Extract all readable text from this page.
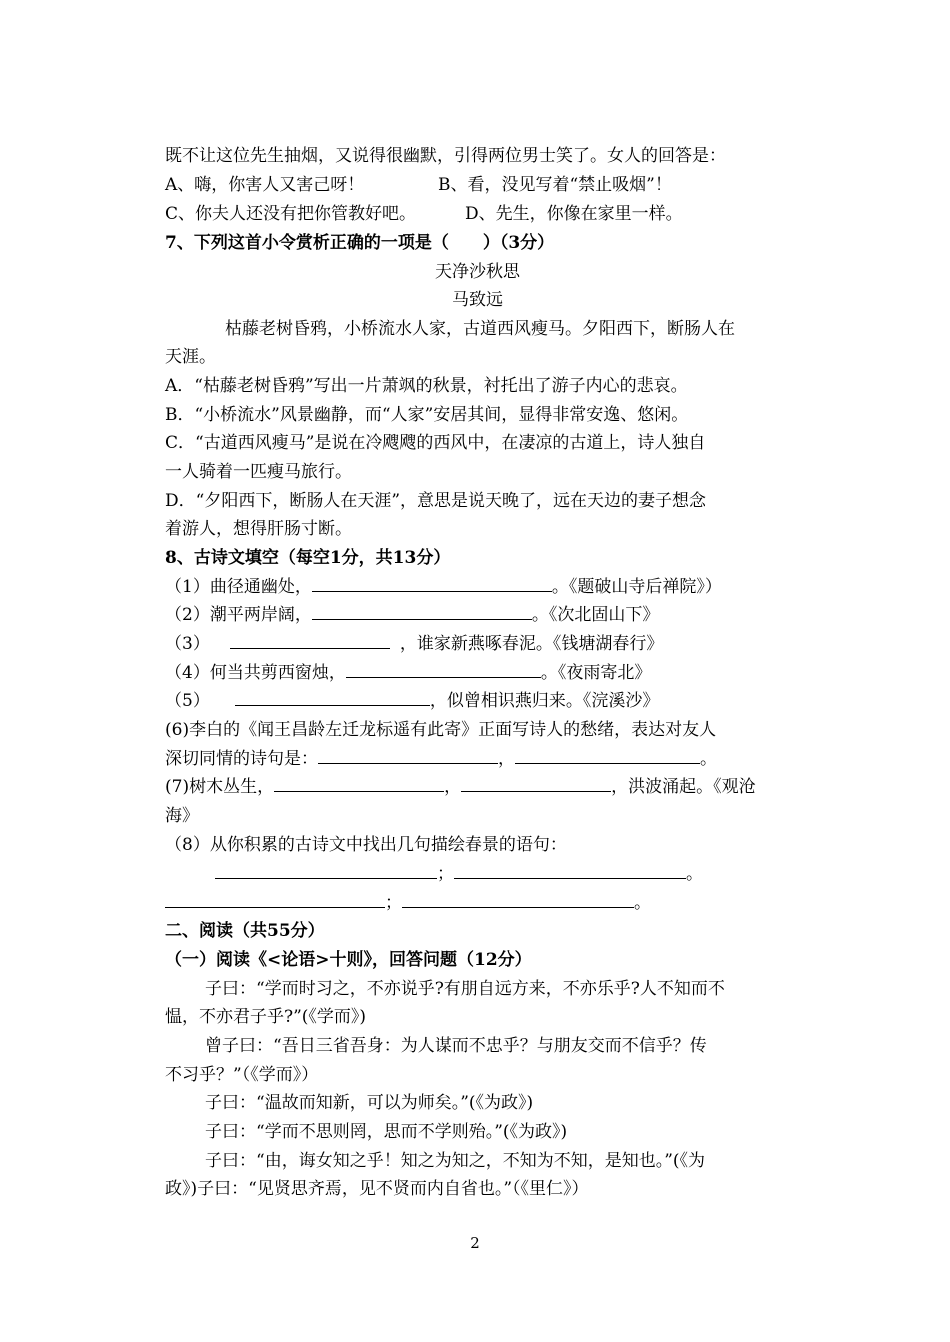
既不让这位先生抽烟，又说得很幽默，引得两位男士笑了。女人的回答是：
A、嗨，你害人又害己呀！	B、看，没见写着“禁止吸烟”！
C、你夫人还没有把你管教好吧。	D、先生，你像在家里一样。
7、下列这首小令赏析正确的一项是（　　）（3分）
天净沙秋思
马致远
枯藤老树昏鸦，小桥流水人家，古道西风瘦马。夕阳西下，断肠人在
天涯。
A．“枯藤老树昏鸦”写出一片萧飒的秋景，衬托出了游子内心的悲哀。
B．“小桥流水”风景幽静，而“人家”安居其间，显得非常安逸、悠闲。
C．“古道西风瘦马”是说在冷飕飕的西风中，在凄凉的古道上，诗人独自
一人骑着一匹瘦马旅行。
D．“夕阳西下，断肠人在天涯”，意思是说天晚了，远在天边的妻子想念
着游人，想得肝肠寸断。
8、古诗文填空（每空1分，共13分）
（1）曲径通幽处，	。《题破山寺后禅院》）
（2）潮平两岸阔，	。《次北固山下》
（3）	，谁家新燕啄春泥。《钱塘湖春行》
（4）何当共剪西窗烛，	。《夜雨寄北》
（5）	，似曾相识燕归来。《浣溪沙》
(6)李白的《闻王昌龄左迁龙标遥有此寄》正面写诗人的愁绪，表达对友人
深切同情的诗句是：	，	。
(7)树木丛生，	，	，洪波涌起。《观沧
海》
（8）从你积累的古诗文中找出几句描绘春景的语句：
；	。
；	。
二、阅读（共55分）
（一）阅读《<论语>十则》，回答问题（12分）
子曰：“学而时习之，不亦说乎?有朋自远方来，不亦乐乎?人不知而不
愠，不亦君子乎?”(《学而》)
曾子曰：“吾日三省吾身：为人谋而不忠乎？与朋友交而不信乎？传
不习乎？”（《学而》）
子曰：“温故而知新，可以为师矣。”(《为政》)
子曰：“学而不思则罔，思而不学则殆。”(《为政》)
子曰：“由，诲女知之乎！知之为知之，不知为不知，是知也。”(《为
政》)子曰：“见贤思齐焉，见不贤而内自省也。”（《里仁》）
2
